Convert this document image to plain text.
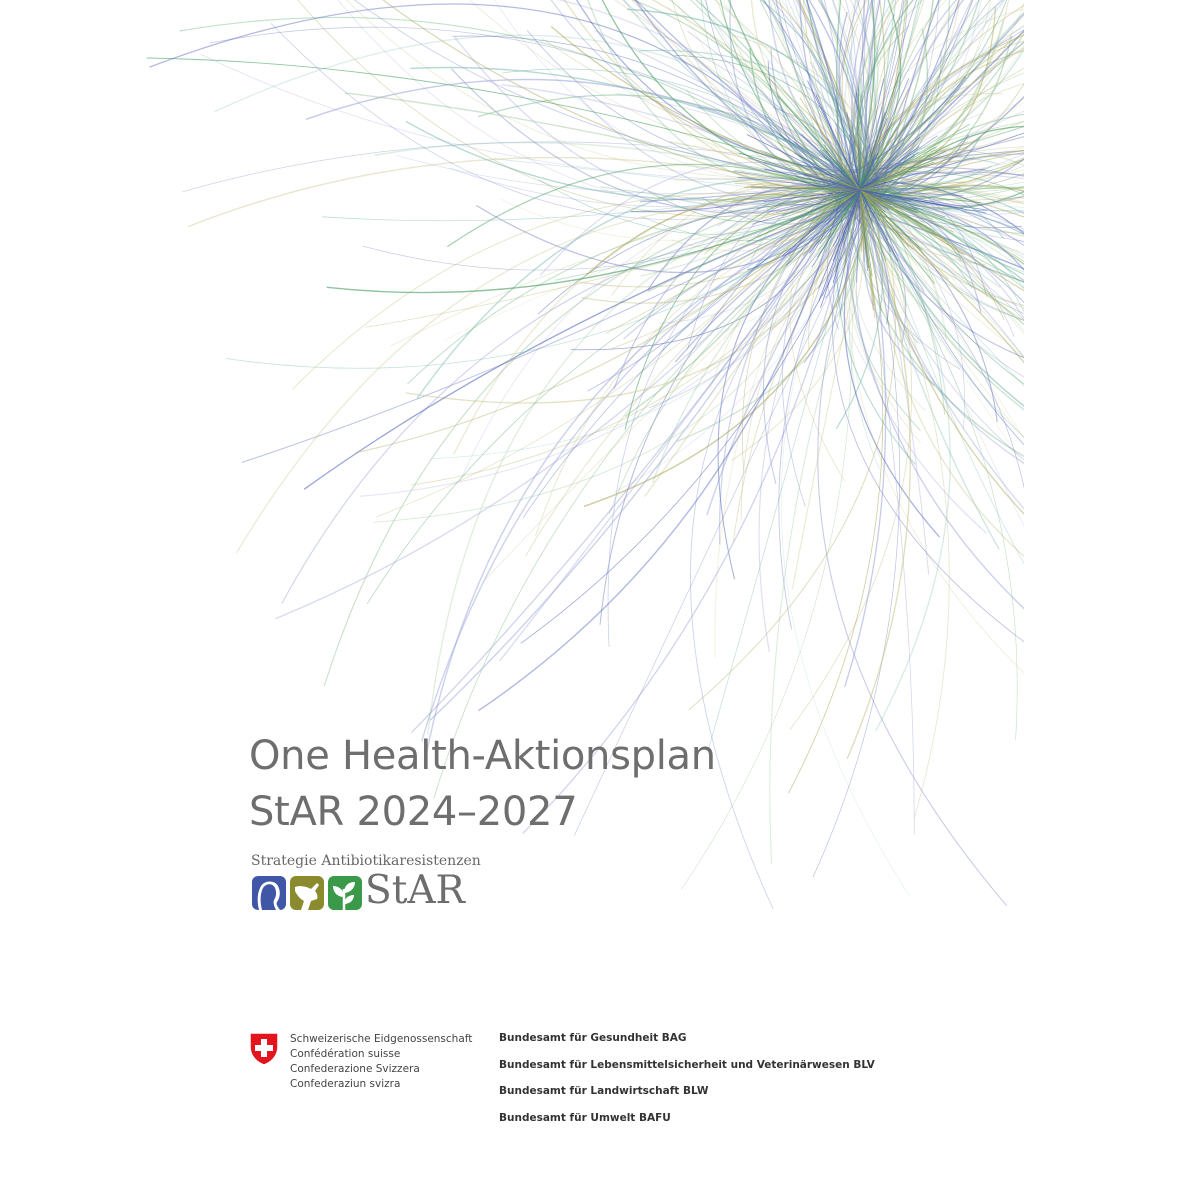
One Health-Aktionsplan
StAR 2024–2027
Strategie Antibiotikaresistenzen
StAR
Schweizerische Eidgenossenschaft
Confédération suisse
Confederazione Svizzera
Confederaziun svizra
Bundesamt für Gesundheit BAG
Bundesamt für Lebensmittelsicherheit und Veterinärwesen BLV
Bundesamt für Landwirtschaft BLW
Bundesamt für Umwelt BAFU
